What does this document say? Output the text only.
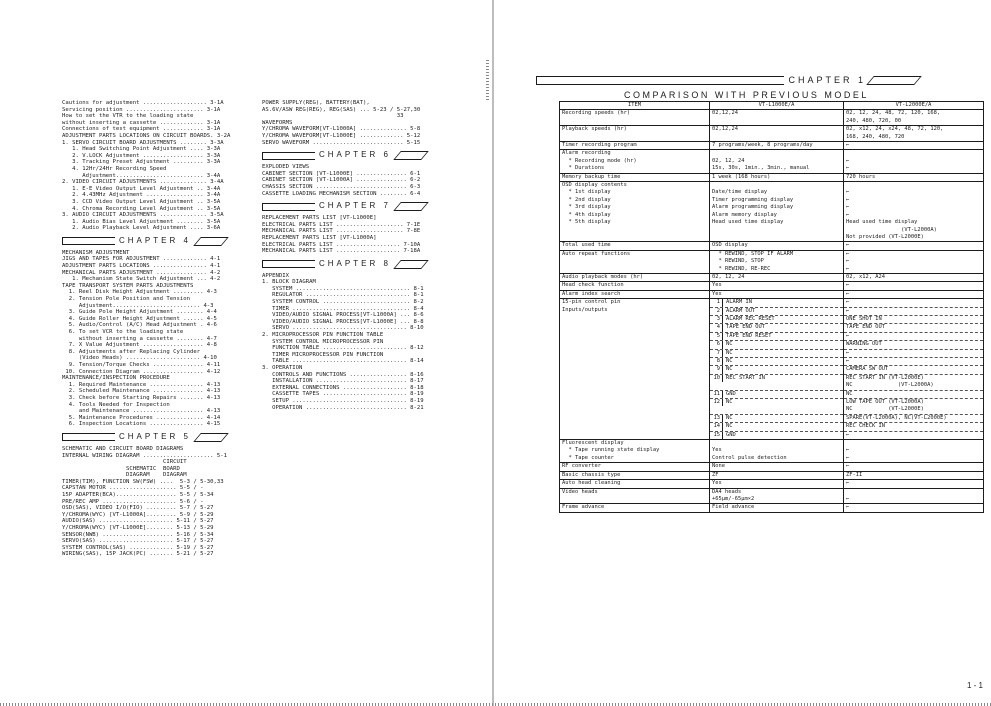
Cautions for adjustment ................... 3-1A
Servicing position ....................... 3-1A
How to set the VTR to the loading state
without inserting a cassette ............. 3-1A
Connections of test equipment ............ 3-1A
ADJUSTMENT PARTS LOCATIONS ON CIRCUIT BOARDS. 3-2A
1. SERVO CIRCUIT BOARD ADJUSTMENTS ........ 3-3A
1. Head Switching Point Adjustment .... 3-3A
2. V.LOCK Adjustment .................. 3-3A
3. Tracking Preset Adjustment ......... 3-3A
4. 12Hr/24Hr Recording Speed
Adjustment.......................... 3-4A
2. VIDEO CIRCUIT ADJUSTMENTS .............. 3-4A
1. E-E Video Output Level Adjustment .. 3-4A
2. 4.43MHz Adjustment ................. 3-4A
3. CCD Video Output Level Adjustment .. 3-5A
4. Chroma Recording Level Adjustment .. 3-5A
3. AUDIO CIRCUIT ADJUSTMENTS .............. 3-5A
1. Audio Bias Level Adjustment ........ 3-5A
2. Audio Playback Level Adjustment .... 3-6A
CHAPTER 4
MECHANISM ADJUSTMENT
JIGS AND TAPES FOR ADJUSTMENT ............. 4-1
ADJUSTMENT PARTS LOCATIONS ................ 4-1
MECHANICAL PARTS ADJUSTMENT ............... 4-2
1. Mechanism State Switch Adjustment ... 4-2
TAPE TRANSPORT SYSTEM PARTS ADJUSTMENTS
1. Reel Disk Height Adjustment ......... 4-3
2. Tension Pole Position and Tension
Adjustment.......................... 4-3
3. Guide Pole Height Adjustment ........ 4-4
4. Guide Roller Height Adjustment ...... 4-5
5. Audio/Control (A/C) Head Adjustment . 4-6
6. To set VCR to the loading state
without inserting a cassette ........ 4-7
7. X Value Adjustment .................. 4-8
8. Adjustments after Replacing Cylinder
(Video Heads) ...................... 4-10
9. Tension/Torque Checks ............... 4-11
10. Connection Diagram .................. 4-12
MAINTENANCE/INSPECTION PROCEDURE
1. Required Maintenance ................ 4-13
2. Scheduled Maintenance ............... 4-13
3. Check before Starting Repairs ....... 4-13
4. Tools Needed for Inspection
and Maintenance ..................... 4-13
5. Maintenance Procedures .............. 4-14
6. Inspection Locations ................ 4-15
CHAPTER 5
SCHEMATIC AND CIRCUIT BOARD DIAGRAMS
INTERNAL WIRING DIAGRAM ..................... 5-1
CIRCUIT
SCHEMATIC  BOARD
DIAGRAM    DIAGRAM
TIMER(TIM), FUNCTION SW(FSW) ....  5-3 / 5-30,33
CAPSTAN MOTOR .................... 5-5 / -
15P ADAPTER(BCA).................. 5-5 / 5-34
PRE/REC AMP ...................... 5-6 / -
OSD(SAS), VIDEO I/O(FIO) ......... 5-7 / 5-27
Y/CHROMA(WYC) [VT-L1000A]......... 5-9 / 5-29
AUDIO(SAS) ...................... 5-11 / 5-27
Y/CHROMA(WYC) [VT-L1000E]........ 5-13 / 5-29
SENSOR(NWB) ..................... 5-16 / 5-34
SERVO(SAS) ...................... 5-17 / 5-27
SYSTEM CONTROL(SAS) ............. 5-19 / 5-27
WIRING(SAS), 15P JACK(PC) ....... 5-21 / 5-27
POWER SUPPLY(REG), BATTERY(BAT),
AS.6V/ASW REG(REG), REG(SAS) ... 5-23 / 5-27,30
33
WAVEFORMS
Y/CHROMA WAVEFORM[VT-L1000A] .............. 5-8
Y/CHROMA WAVEFORM[VT-L1000E] ............. 5-12
SERVO WAVEFORM ........................... 5-15
CHAPTER 6
EXPLODED VIEWS
CABINET SECTION [VT-L1000E] ............... 6-1
CABINET SECTION [VT-L1000A] ............... 6-2
CHASSIS SECTION ........................... 6-3
CASSETTE LOADING MECHANISM SECTION ........ 6-4
CHAPTER 7
REPLACEMENT PARTS LIST [VT-L1000E]
ELECTRICAL PARTS LIST .................... 7-1E
MECHANICAL PARTS LIST .................... 7-8E
REPLACEMENT PARTS LIST [VT-L1000A]
ELECTRICAL PARTS LIST ................... 7-10A
MECHANICAL PARTS LIST ................... 7-18A
CHAPTER 8
APPENDIX
1. BLOCK DIAGRAM
SYSTEM .................................. 8-1
REGULATOR ............................... 8-1
SYSTEM CONTROL .......................... 8-2
TIMER ................................... 8-4
VIDEO/AUDIO SIGNAL PROCESS[VT-L1000A] ... 8-6
VIDEO/AUDIO SIGNAL PROCESS[VT-L1000E] ... 8-8
SERVO .................................. 8-10
2. MICROPROCESSOR PIN FUNCTION TABLE
SYSTEM CONTROL MICROPROCESSOR PIN
FUNCTION TABLE ......................... 8-12
TIMER MICROPROCESSOR PIN FUNCTION
TABLE .................................. 8-14
3. OPERATION
CONTROLS AND FUNCTIONS ................. 8-16
INSTALLATION ........................... 8-17
EXTERNAL CONNECTIONS ................... 8-18
CASSETTE TAPES ......................... 8-19
SETUP .................................. 8-19
OPERATION .............................. 8-21
CHAPTER 1
COMPARISON WITH PREVIOUS MODEL
ITEM	VT-L1000E/A	VT-L2000E/A
Recording speeds (hr)	02,12,24	02, 12, 24, 48, 72, 120, 168,
		240, 480, 720, 00
Playback speeds (hr)	02,12,24	02, x12, 24, x24, 48, 72, 120,
		168, 240, 480, 720
Timer recording program	7 programs/week, 8 programs/day	←
Alarm recording		
* Recording mode (hr)	02, 12, 24	←
* Durations	15s, 30s, 1min., 3min., manual	←
Memory backup time	1 week (168 hours)	720 hours
OSD display contents		
* 1st display	Date/time display	←
* 2nd display	Timer programming display	←
* 3rd display	Alarm programming display	←
* 4th display	Alarm memory display	←
* 5th display	Head used time display	Head used time display
		(VT-L2000A)
		Not provided (VT-L2000E)
Total used time	OSD display	←
Auto repeat functions	* REWIND, STOP IF ALARM	←
	* REWIND, STOP	←
	* REWIND, RE-REC	←
Audio playback modes (hr)	02, 12, 24	02, x12, A24
Head check function	Yes	←
Alarm index search	Yes	←
15-pin control pin	1 ALARM IN	←
Inputs/outputs	2 ALARM OUT	←
	3 ALARM REC RESET	ONE SHOT IN
	4 TAPE END OUT	TAPE END OUT
	5 TAPE END RESET	←
	6 NC	WARNING OUT
	7 NC	←
	8 NC	←
	9 NC	CAMERA SW OUT
	10 REC START IN	REC START IN (VT-L2000E)
		NC              (VT-L2000A)
	11 GND	NC
	12 NC	LOW TAPE OUT (VT-L2000A)
		NC           (VT-L2000E)
	13 NC	SPARE(VT-L2000A), NC(VT-L2000E)
	14 NC	REC CHECK IN
	15 GND	←
Fluorescent display		
* Tape running state display	Yes	←
* Tape counter	Control pulse detection	←
RF converter	None	←
Basic chassis type	ZF	ZF-II
Auto head cleaning	Yes	←
Video heads	DA4 heads	
	+65µm/-65µm×2	←
Frame advance	Field advance	←
1 - 1
